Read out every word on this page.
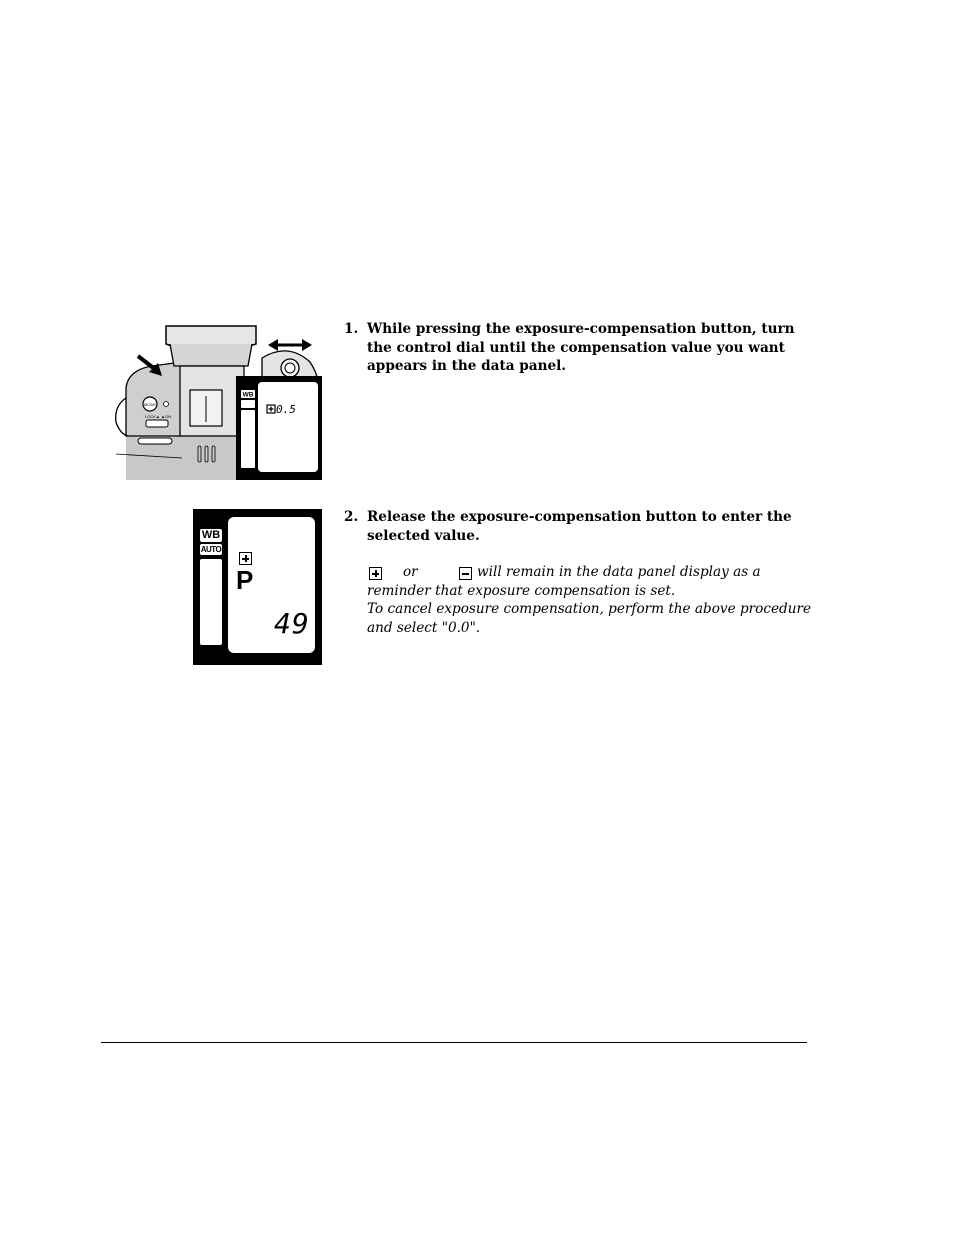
MODE
LOCK▲ ▲ON
WB
0.5
1. While pressing the exposure-compensation button, turn the control dial until the compensation value you want appears in the data panel.
WB
AUTO
P
49
2. Release the exposure-compensation button to enter the selected value.

or	will remain in the data panel display as a
reminder that exposure compensation is set.
To cancel exposure compensation, perform the above procedure
and select "0.0".
